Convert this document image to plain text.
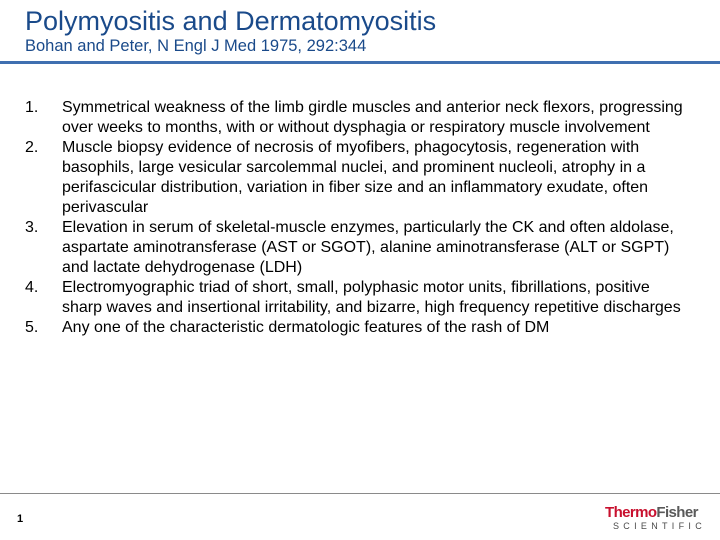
Polymyositis and Dermatomyositis

Bohan and Peter, N Engl J Med 1975, 292:344

1.	Symmetrical weakness of the limb girdle muscles and anterior neck flexors, progressing over weeks to months, with or without dysphagia or respiratory muscle involvement
2.	Muscle biopsy evidence of necrosis of myofibers, phagocytosis, regeneration with basophils, large vesicular sarcolemmal nuclei, and prominent nucleoli, atrophy in a perifascicular distribution, variation in fiber size and an inflammatory exudate, often perivascular
3.	Elevation in serum of skeletal-muscle enzymes, particularly the CK and often aldolase, aspartate aminotransferase (AST or SGOT), alanine aminotransferase (ALT or SGPT) and lactate dehydrogenase (LDH)
4.	Electromyographic triad of short, small, polyphasic motor units, fibrillations, positive sharp waves and insertional irritability, and bizarre, high frequency repetitive discharges
5.	Any one of the characteristic dermatologic features of the rash of DM
1	ThermoFisher
SCIENTIFIC
